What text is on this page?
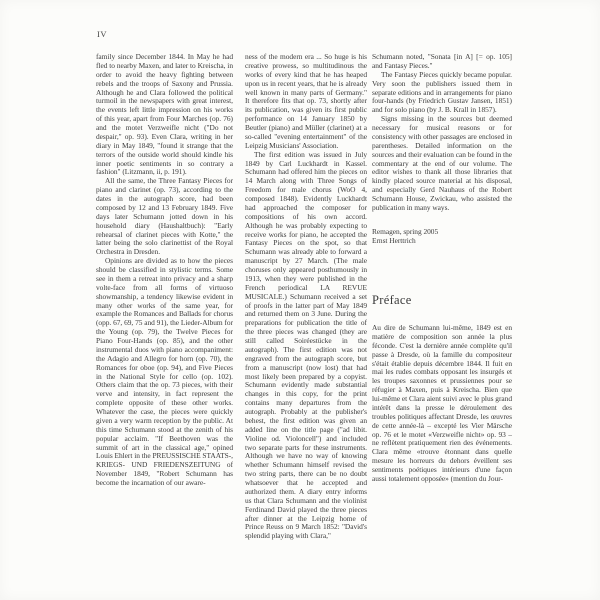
IV

family since December 1844. In May he had fled to nearby Maxen, and later to Kreischa, in order to avoid the heavy fighting between rebels and the troops of Saxony and Prussia. Although he and Clara followed the political turmoil in the newspapers with great interest, the events left little impression on his works of this year, apart from Four Marches (op. 76) and the motet Verzweifle nicht ("Do not despair," op. 93). Even Clara, writing in her diary in May 1849, "found it strange that the terrors of the outside world should kindle his inner poetic sentiments in so contrary a fashion" (Litzmann, ii, p. 191).

All the same, the Three Fantasy Pieces for piano and clarinet (op. 73), according to the dates in the autograph score, had been composed by 12 and 13 February 1849. Five days later Schumann jotted down in his household diary (Haushaltbuch): "Early rehearsal of clarinet pieces with Kotte," the latter being the solo clarinettist of the Royal Orchestra in Dresden.

Opinions are divided as to how the pieces should be classified in stylistic terms. Some see in them a retreat into privacy and a sharp volte-face from all forms of virtuoso showmanship, a tendency likewise evident in many other works of the same year, for example the Romances and Ballads for chorus (opp. 67, 69, 75 and 91), the Lieder-Album for the Young (op. 79), the Twelve Pieces for Piano Four-Hands (op. 85), and the other instrumental duos with piano accompaniment: the Adagio and Allegro for horn (op. 70), the Romances for oboe (op. 94), and Five Pieces in the National Style for cello (op. 102). Others claim that the op. 73 pieces, with their verve and intensity, in fact represent the complete opposite of these other works. Whatever the case, the pieces were quickly given a very warm reception by the public. At this time Schumann stood at the zenith of his popular acclaim. "If Beethoven was the summit of art in the classical age," opined Louis Ehlert in the PREUSSISCHE STAATS-, KRIEGS- UND FRIEDENSZEITUNG of November 1849, "Robert Schumann has become the incarnation of our aware-

ness of the modern era ... So huge is his creative prowess, so multitudinous the works of every kind that he has heaped upon us in recent years, that he is already well known in many parts of Germany." It therefore fits that op. 73, shortly after its publication, was given its first public performance on 14 January 1850 by Beutler (piano) and Müller (clarinet) at a so-called "evening entertainment" of the Leipzig Musicians' Association.

The first edition was issued in July 1849 by Carl Luckhardt in Kassel. Schumann had offered him the pieces on 14 March along with Three Songs of Freedom for male chorus (WoO 4, composed 1848). Evidently Luckhardt had approached the composer for compositions of his own accord. Although he was probably expecting to receive works for piano, he accepted the Fantasy Pieces on the spot, so that Schumann was already able to forward a manuscript by 27 March. (The male choruses only appeared posthumously in 1913, when they were published in the French periodical LA REVUE MUSICALE.) Schumann received a set of proofs in the latter part of May 1849 and returned them on 3 June. During the preparations for publication the title of the three pieces was changed (they are still called Soiréestücke in the autograph). The first edition was not engraved from the autograph score, but from a manuscript (now lost) that had most likely been prepared by a copyist. Schumann evidently made substantial changes in this copy, for the print contains many departures from the autograph. Probably at the publisher's behest, the first edition was given an added line on the title page ("ad libit. Violine od. Violoncell") and included two separate parts for these instruments. Although we have no way of knowing whether Schumann himself revised the two string parts, there can be no doubt whatsoever that he accepted and authorized them. A diary entry informs us that Clara Schumann and the violinist Ferdinand David played the three pieces after dinner at the Leipzig home of Prince Reuss on 9 March 1852: "David's splendid playing with Clara,"

Schumann noted, "Sonata [in A] [= op. 105] and Fantasy Pieces."

The Fantasy Pieces quickly became popular. Very soon the publishers issued them in separate editions and in arrangements for piano four-hands (by Friedrich Gustav Jansen, 1851) and for solo piano (by J. B. Krall in 1857).

Signs missing in the sources but deemed necessary for musical reasons or for consistency with other passages are enclosed in parentheses. Detailed information on the sources and their evaluation can be found in the commentary at the end of our volume. The editor wishes to thank all those libraries that kindly placed source material at his disposal, and especially Gerd Nauhaus of the Robert Schumann House, Zwickau, who assisted the publication in many ways.

Remagen, spring 2005

Ernst Herttrich

Préface

Au dire de Schumann lui-même, 1849 est en matière de composition son année la plus féconde. C'est la dernière année complète qu'il passe à Dresde, où la famille du compositeur s'était établie depuis décembre 1844. Il fuit en mai les rudes combats opposant les insurgés et les troupes saxonnes et prussiennes pour se réfugier à Maxen, puis à Kreischa. Bien que lui-même et Clara aient suivi avec le plus grand intérêt dans la presse le déroulement des troubles politiques affectant Dresde, les œuvres de cette année-là – excepté les Vier Märsche op. 76 et le motet «Verzweifle nicht» op. 93 – ne reflètent pratiquement rien des événements. Clara même «trouve étonnant dans quelle mesure les horreurs du dehors éveillent ses sentiments poétiques intérieurs d'une façon aussi totalement opposée» (mention du Jour-
